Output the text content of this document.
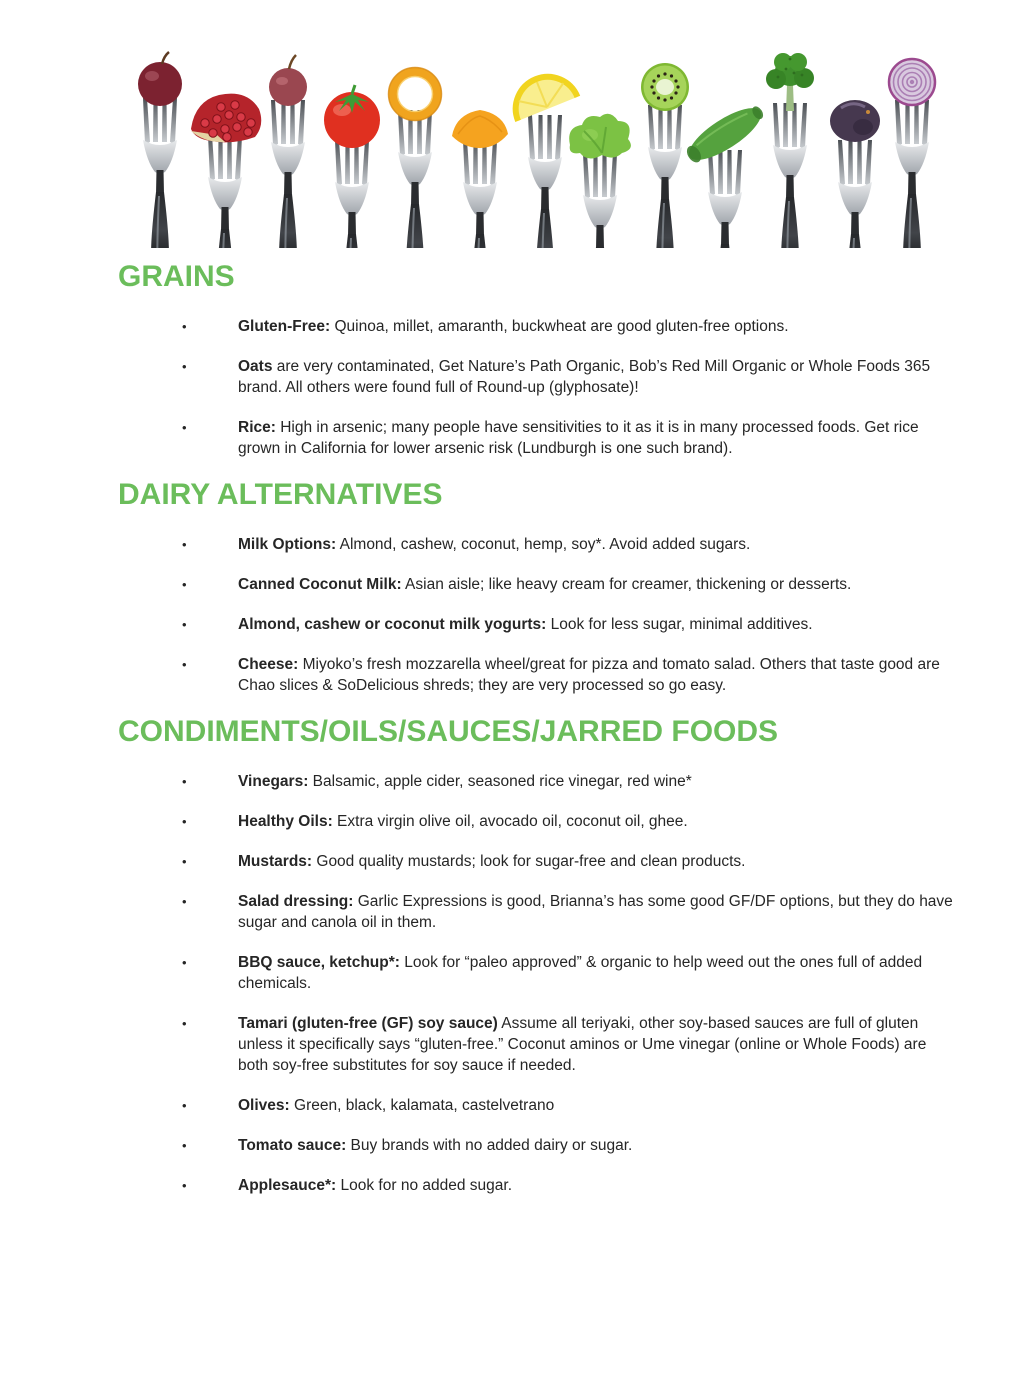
GRAINS
•	Gluten-Free: Quinoa, millet, amaranth, buckwheat are good gluten-free options.

•	Oats are very contaminated, Get Nature’s Path Organic, Bob’s Red Mill Organic or Whole Foods 365 brand. All others were found full of Round-up (glyphosate)!

•	Rice: High in arsenic; many people have sensitivities to it as it is in many processed foods. Get rice grown in California for lower arsenic risk (Lundburgh is one such brand).

DAIRY ALTERNATIVES
•	Milk Options: Almond, cashew, coconut, hemp, soy*. Avoid added sugars.

•	Canned Coconut Milk: Asian aisle; like heavy cream for creamer, thickening or desserts.

•	Almond, cashew or coconut milk yogurts: Look for less sugar, minimal additives.

•	Cheese: Miyoko’s fresh mozzarella wheel/great for pizza and tomato salad. Others that taste good are Chao slices & SoDelicious shreds; they are very processed so go easy.

CONDIMENTS/OILS/SAUCES/JARRED FOODS
•	Vinegars: Balsamic, apple cider, seasoned rice vinegar, red wine*

•	Healthy Oils: Extra virgin olive oil, avocado oil, coconut oil, ghee.

•	Mustards: Good quality mustards; look for sugar-free and clean products.

•	Salad dressing: Garlic Expressions is good, Brianna’s has some good GF/DF options, but they do have sugar and canola oil in them.

•	BBQ sauce, ketchup*: Look for “paleo approved” & organic to help weed out the ones full of added chemicals.

•	Tamari (gluten-free (GF) soy sauce) Assume all teriyaki, other soy-based sauces are full of gluten unless it specifically says “gluten-free.” Coconut aminos or Ume vinegar (online or Whole Foods) are both soy-free substitutes for soy sauce if needed.

•	Olives: Green, black, kalamata, castelvetrano

•	Tomato sauce: Buy brands with no added dairy or sugar.

•	Applesauce*: Look for no added sugar.
